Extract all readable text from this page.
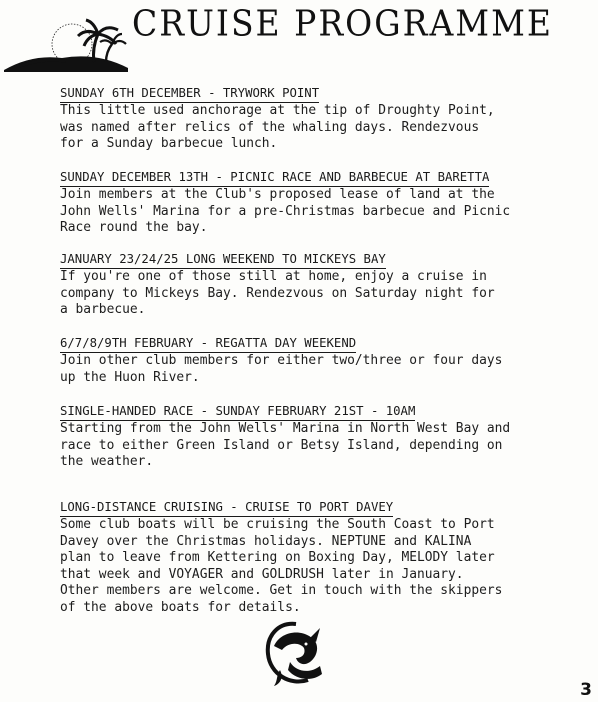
CRUISE PROGRAMME
SUNDAY 6TH DECEMBER - TRYWORK POINT
This little used anchorage at the tip of Droughty Point,
was named after relics of the whaling days. Rendezvous
for a Sunday barbecue lunch.
SUNDAY DECEMBER 13TH - PICNIC RACE AND BARBECUE AT BARETTA
Join members at the Club's proposed lease of land at the
John Wells' Marina for a pre-Christmas barbecue and Picnic
Race round the bay.
JANUARY 23/24/25 LONG WEEKEND TO MICKEYS BAY
If you're one of those still at home, enjoy a cruise in
company to Mickeys Bay. Rendezvous on Saturday night for
a barbecue.
6/7/8/9TH FEBRUARY - REGATTA DAY WEEKEND
Join other club members for either two/three or four days
up the Huon River.
SINGLE-HANDED RACE - SUNDAY FEBRUARY 21ST - 10AM
Starting from the John Wells' Marina in North West Bay and
race to either Green Island or Betsy Island, depending on
the weather.
LONG-DISTANCE CRUISING - CRUISE TO PORT DAVEY
Some club boats will be cruising the South Coast to Port
Davey over the Christmas holidays. NEPTUNE and KALINA
plan to leave from Kettering on Boxing Day, MELODY later
that week and VOYAGER and GOLDRUSH later in January.
Other members are welcome. Get in touch with the skippers
of the above boats for details.
3
